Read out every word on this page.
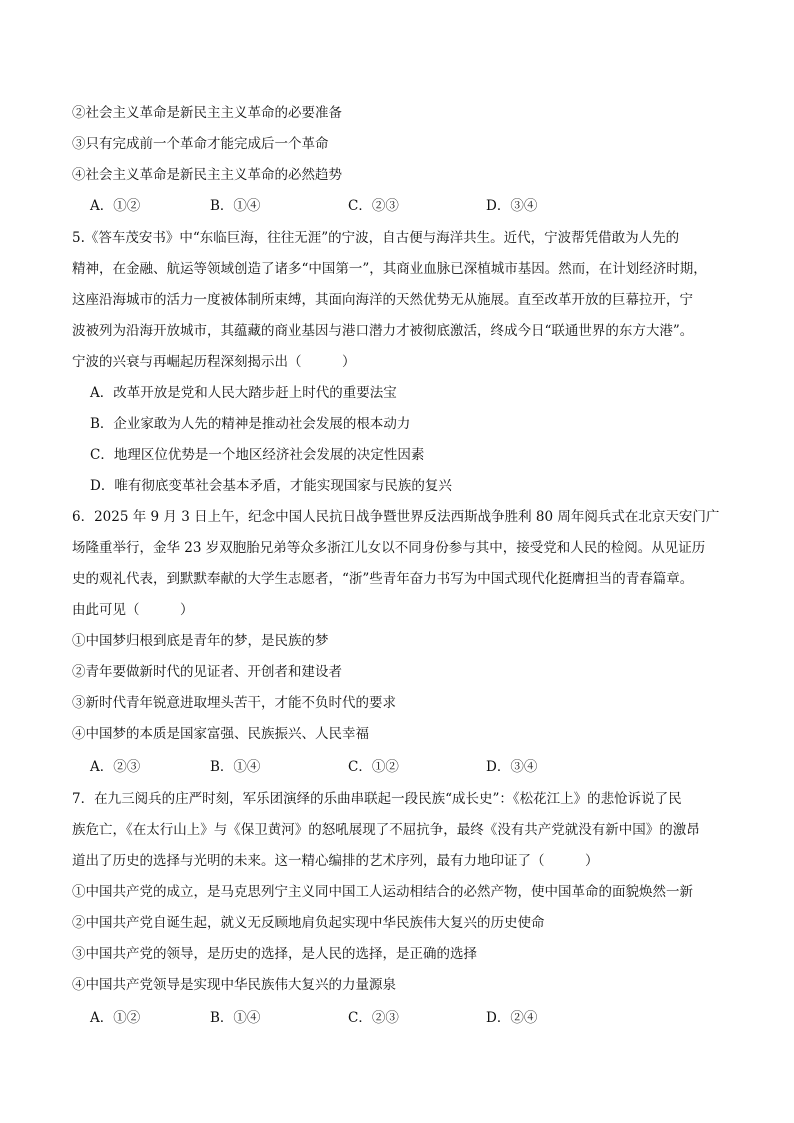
②社会主义革命是新民主主义革命的必要准备
③只有完成前一个革命才能完成后一个革命
④社会主义革命是新民主主义革命的必然趋势
A．①②	B．①④	C．②③	D．③④
5.《答车茂安书》中“东临巨海，往往无涯”的宁波，自古便与海洋共生。近代，宁波帮凭借敢为人先的
精神，在金融、航运等领域创造了诸多“中国第一”，其商业血脉已深植城市基因。然而，在计划经济时期，
这座沿海城市的活力一度被体制所束缚，其面向海洋的天然优势无从施展。直至改革开放的巨幕拉开，宁
波被列为沿海开放城市，其蕴藏的商业基因与港口潜力才被彻底激活，终成今日“联通世界的东方大港”。
宁波的兴衰与再崛起历程深刻揭示出（　　　）
A．改革开放是党和人民大踏步赶上时代的重要法宝
B．企业家敢为人先的精神是推动社会发展的根本动力
C．地理区位优势是一个地区经济社会发展的决定性因素
D．唯有彻底变革社会基本矛盾，才能实现国家与民族的复兴
6．2025 年 9 月 3 日上午，纪念中国人民抗日战争暨世界反法西斯战争胜利 80 周年阅兵式在北京天安门广
场隆重举行，金华 23 岁双胞胎兄弟等众多浙江儿女以不同身份参与其中，接受党和人民的检阅。从见证历
史的观礼代表，到默默奉献的大学生志愿者，“浙”些青年奋力书写为中国式现代化挺膺担当的青春篇章。
由此可见（　　　）
①中国梦归根到底是青年的梦，是民族的梦
②青年要做新时代的见证者、开创者和建设者
③新时代青年锐意进取埋头苦干，才能不负时代的要求
④中国梦的本质是国家富强、民族振兴、人民幸福
A．②③	B．①④	C．①②	D．③④
7．在九三阅兵的庄严时刻，军乐团演绎的乐曲串联起一段民族“成长史”：《松花江上》的悲怆诉说了民
族危亡，《在太行山上》与《保卫黄河》的怒吼展现了不屈抗争，最终《没有共产党就没有新中国》的激昂
道出了历史的选择与光明的未来。这一精心编排的艺术序列，最有力地印证了（　　　）
①中国共产党的成立，是马克思列宁主义同中国工人运动相结合的必然产物，使中国革命的面貌焕然一新
②中国共产党自诞生起，就义无反顾地肩负起实现中华民族伟大复兴的历史使命
③中国共产党的领导，是历史的选择，是人民的选择，是正确的选择
④中国共产党领导是实现中华民族伟大复兴的力量源泉
A．①②	B．①④	C．②③	D．②④
